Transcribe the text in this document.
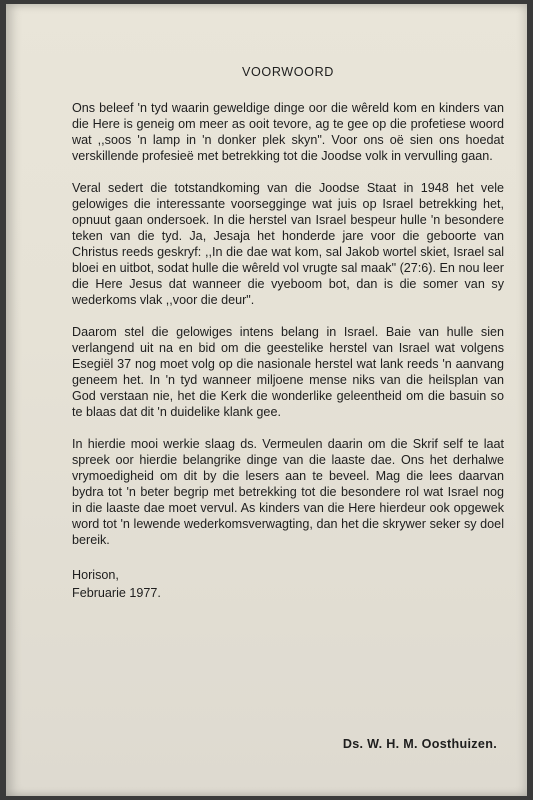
VOORWOORD

Ons beleef 'n tyd waarin geweldige dinge oor die wêreld kom en kinders van die Here is geneig om meer as ooit tevore, ag te gee op die profetiese woord wat ,,soos 'n lamp in 'n donker plek skyn". Voor ons oë sien ons hoedat verskillende profesieë met betrekking tot die Joodse volk in vervulling gaan.

Veral sedert die totstandkoming van die Joodse Staat in 1948 het vele gelowiges die interessante voorsegginge wat juis op Israel betrekking het, opnuut gaan ondersoek. In die herstel van Israel bespeur hulle 'n besondere teken van die tyd. Ja, Jesaja het honderde jare voor die geboorte van Christus reeds geskryf: ,,In die dae wat kom, sal Jakob wortel skiet, Israel sal bloei en uitbot, sodat hulle die wêreld vol vrugte sal maak" (27:6). En nou leer die Here Jesus dat wanneer die vyeboom bot, dan is die somer van sy wederkoms vlak ,,voor die deur".

Daarom stel die gelowiges intens belang in Israel. Baie van hulle sien verlangend uit na en bid om die geestelike herstel van Israel wat volgens Esegiël 37 nog moet volg op die nasionale herstel wat lank reeds 'n aanvang geneem het. In 'n tyd wanneer miljoene mense niks van die heilsplan van God verstaan nie, het die Kerk die wonderlike geleentheid om die basuin so te blaas dat dit 'n duidelike klank gee.

In hierdie mooi werkie slaag ds. Vermeulen daarin om die Skrif self te laat spreek oor hierdie belangrike dinge van die laaste dae. Ons het derhalwe vrymoedigheid om dit by die lesers aan te beveel. Mag die lees daarvan bydra tot 'n beter begrip met betrekking tot die besondere rol wat Israel nog in die laaste dae moet vervul. As kinders van die Here hierdeur ook opgewek word tot 'n lewende wederkomsverwagting, dan het die skrywer seker sy doel bereik.

Horison,
Februarie 1977.
Ds. W. H. M. Oosthuizen.
